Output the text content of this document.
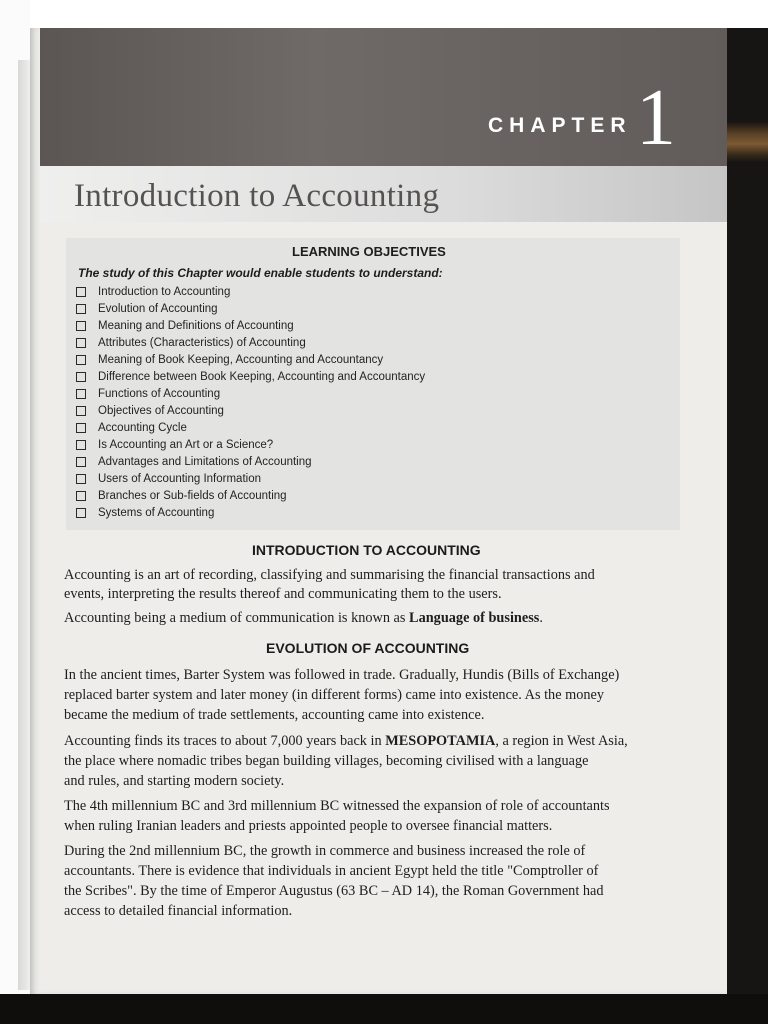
CHAPTER 1
Introduction to Accounting
LEARNING OBJECTIVES
The study of this Chapter would enable students to understand:
Introduction to Accounting
Evolution of Accounting
Meaning and Definitions of Accounting
Attributes (Characteristics) of Accounting
Meaning of Book Keeping, Accounting and Accountancy
Difference between Book Keeping, Accounting and Accountancy
Functions of Accounting
Objectives of Accounting
Accounting Cycle
Is Accounting an Art or a Science?
Advantages and Limitations of Accounting
Users of Accounting Information
Branches or Sub-fields of Accounting
Systems of Accounting
INTRODUCTION TO ACCOUNTING
Accounting is an art of recording, classifying and summarising the financial transactions and
events, interpreting the results thereof and communicating them to the users.
Accounting being a medium of communication is known as Language of business.
EVOLUTION OF ACCOUNTING
In the ancient times, Barter System was followed in trade. Gradually, Hundis (Bills of Exchange)
replaced barter system and later money (in different forms) came into existence. As the money
became the medium of trade settlements, accounting came into existence.
Accounting finds its traces to about 7,000 years back in MESOPOTAMIA, a region in West Asia,
the place where nomadic tribes began building villages, becoming civilised with a language
and rules, and starting modern society.
The 4th millennium BC and 3rd millennium BC witnessed the expansion of role of accountants
when ruling Iranian leaders and priests appointed people to oversee financial matters.
During the 2nd millennium BC, the growth in commerce and business increased the role of
accountants. There is evidence that individuals in ancient Egypt held the title "Comptroller of
the Scribes". By the time of Emperor Augustus (63 BC – AD 14), the Roman Government had
access to detailed financial information.
